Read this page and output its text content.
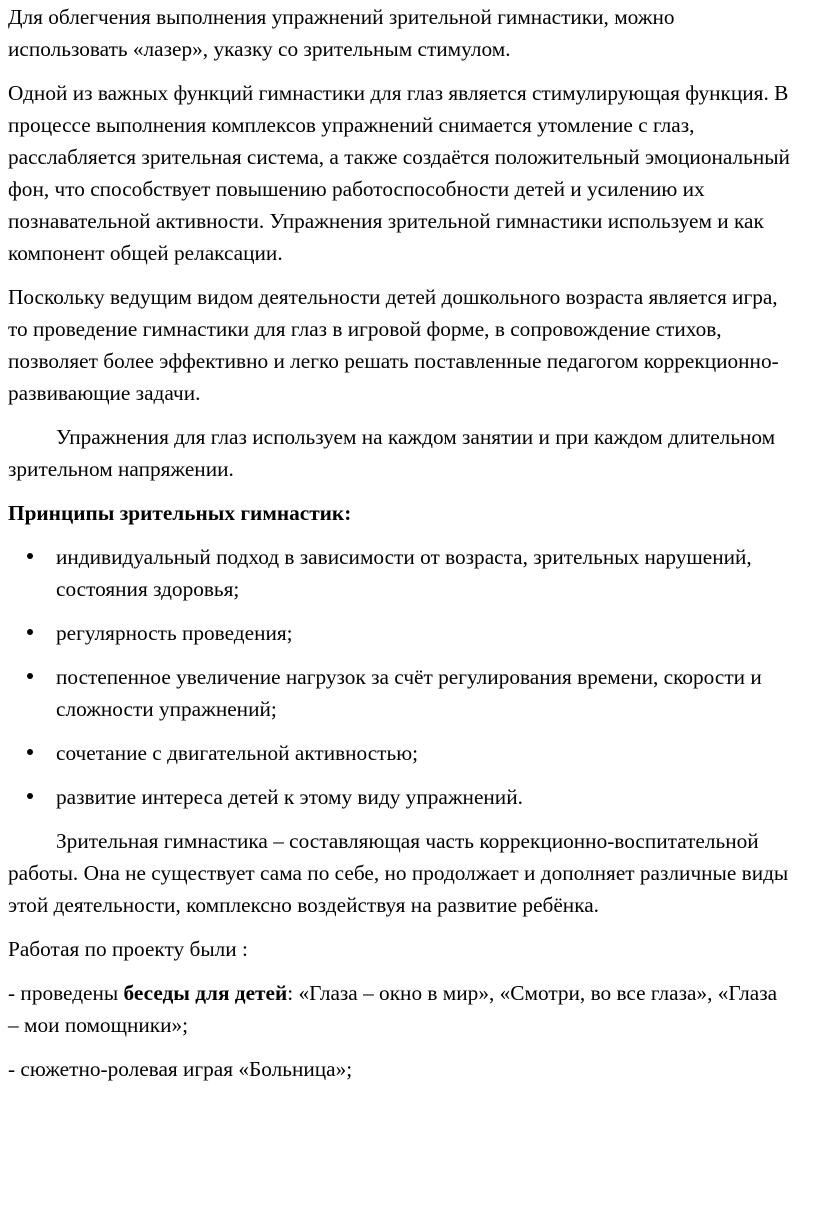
Для облегчения выполнения упражнений зрительной гимнастики, можно использовать «лазер», указку со зрительным стимулом.

Одной из важных функций гимнастики для глаз является стимулирующая функция. В процессе выполнения комплексов упражнений снимается утомление с глаз, расслабляется зрительная система, а также создаётся положительный эмоциональный фон, что способствует повышению работоспособности детей и усилению их познавательной активности. Упражнения зрительной гимнастики используем и как компонент общей релаксации.

Поскольку ведущим видом деятельности детей дошкольного возраста является игра, то проведение гимнастики для глаз в игровой форме, в сопровождение стихов, позволяет более эффективно и легко решать поставленные педагогом коррекционно-развивающие задачи.

Упражнения для глаз используем на каждом занятии и при каждом длительном зрительном напряжении.

Принципы зрительных гимнастик:

индивидуальный подход в зависимости от возраста, зрительных нарушений, состояния здоровья;
регулярность проведения;
постепенное увеличение нагрузок за счёт регулирования времени, скорости и сложности упражнений;
сочетание с двигательной активностью;
развитие интереса детей к этому виду упражнений.

Зрительная гимнастика – составляющая часть коррекционно-воспитательной работы. Она не существует сама по себе, но продолжает и дополняет различные виды этой деятельности, комплексно воздействуя на развитие ребёнка.

Работая по проекту были :

- проведены беседы для детей: «Глаза – окно в мир», «Смотри, во все глаза», «Глаза – мои помощники»;

- сюжетно-ролевая играя «Больница»;
